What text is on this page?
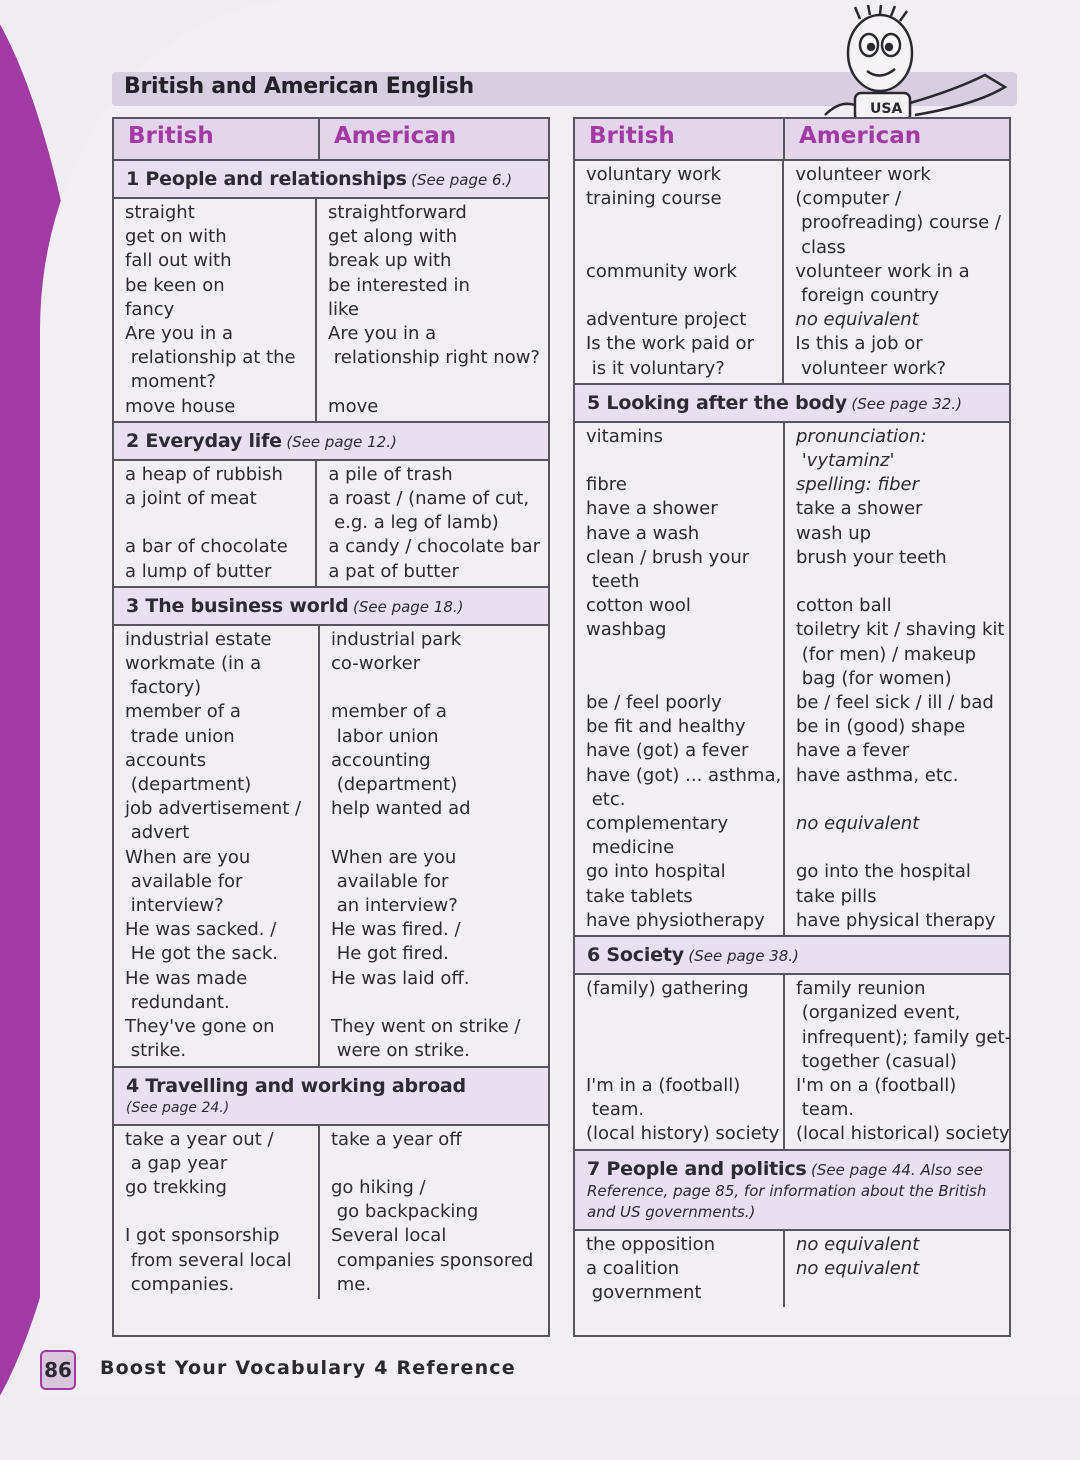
British and American English
USA
British	American
1 People and relationships (See page 6.)
straight
get on with
fall out with
be keen on
fancy
Are you in a
relationship at the
moment?
move house
straightforward
get along with
break up with
be interested in
like
Are you in a
relationship right now?

move
2 Everyday life (See page 12.)
a heap of rubbish
a joint of meat

a bar of chocolate
a lump of butter
a pile of trash
a roast / (name of cut,
e.g. a leg of lamb)
a candy / chocolate bar
a pat of butter
3 The business world (See page 18.)
industrial estate
workmate (in a
factory)
member of a
trade union
accounts
(department)
job advertisement /
advert
When are you
available for
interview?
He was sacked. /
He got the sack.
He was made
redundant.
They've gone on
strike.
industrial park
co-worker

member of a
labor union
accounting
(department)
help wanted ad

When are you
available for
an interview?
He was fired. /
He got fired.
He was laid off.

They went on strike /
were on strike.
4 Travelling and working abroad
(See page 24.)
take a year out /
a gap year
go trekking

I got sponsorship
from several local
companies.
take a year off

go hiking /
go backpacking
Several local
companies sponsored
me.
British	American
voluntary work
training course

community work

adventure project
Is the work paid or
is it voluntary?
volunteer work
(computer /
proofreading) course /
class
volunteer work in a
foreign country
no equivalent
Is this a job or
volunteer work?
5 Looking after the body (See page 32.)
vitamins

fibre
have a shower
have a wash
clean / brush your
teeth
cotton wool
washbag

be / feel poorly
be fit and healthy
have (got) a fever
have (got) ... asthma,
etc.
complementary
medicine
go into hospital
take tablets
have physiotherapy
pronunciation:
'vytaminz'
spelling: fiber
take a shower
wash up
brush your teeth

cotton ball
toiletry kit / shaving kit
(for men) / makeup
bag (for women)
be / feel sick / ill / bad
be in (good) shape
have a fever
have asthma, etc.

no equivalent

go into the hospital
take pills
have physical therapy
6 Society (See page 38.)
(family) gathering

I'm in a (football)
team.
(local history) society
family reunion
(organized event,
infrequent); family get-
together (casual)
I'm on a (football)
team.
(local historical) society
7 People and politics (See page 44. Also see Reference, page 85, for information about the British and US governments.)
the opposition
a coalition
government
no equivalent
no equivalent
86 Boost Your Vocabulary 4 Reference
